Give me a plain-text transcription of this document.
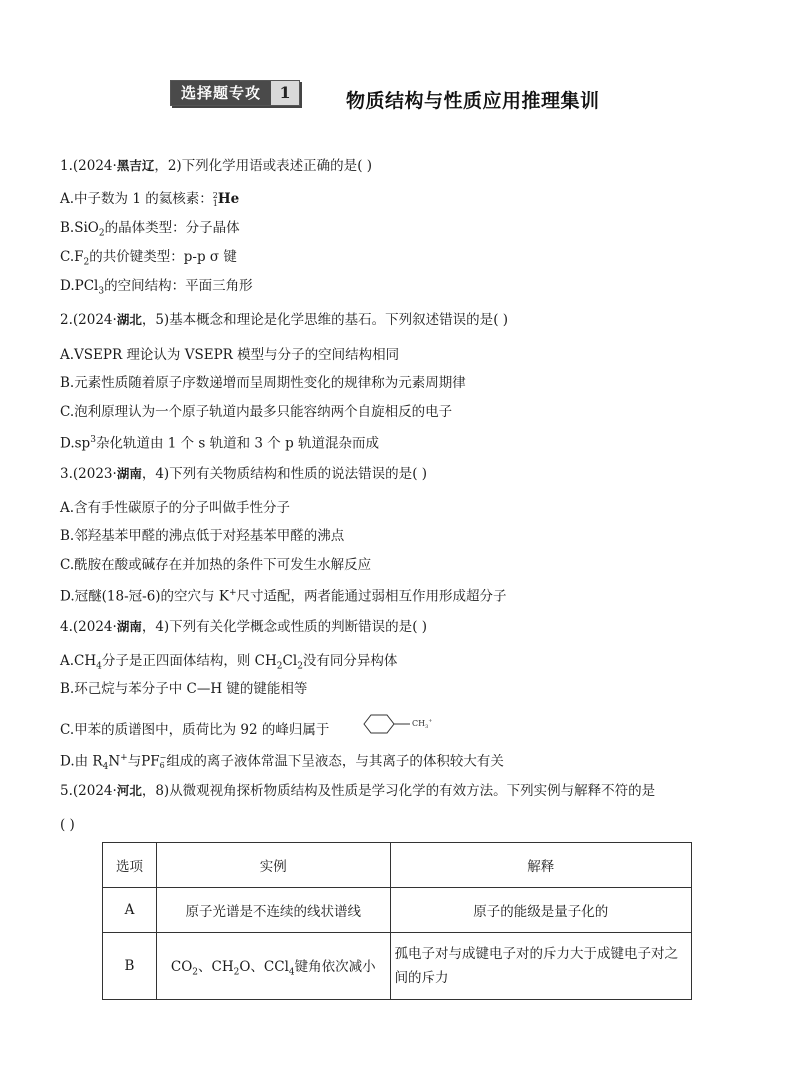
选择题专攻	1	物质结构与性质应用推理集训
1.(2024·黑吉辽，2)下列化学用语或表述正确的是( )
A.中子数为 1 的氦核素：2
1He
B.SiO$_2$的晶体类型：分子晶体
$C.F_2$的共价键类型：p-p σ 键
D.PCl$_3$的空间结构：平面三角形
2.(2024·湖北，5)基本概念和理论是化学思维的基石。下列叙述错误的是( )
A.VSEPR 理论认为 VSEPR 模型与分子的空间结构相同
B.元素性质随着原子序数递增而呈周期性变化的规律称为元素周期律
C.泡利原理认为一个原子轨道内最多只能容纳两个自旋相反的电子
$D.sp^3$杂化轨道由 1 个 s 轨道和 3 个 p 轨道混杂而成
3.(2023·湖南，4)下列有关物质结构和性质的说法错误的是( )
A.含有手性碳原子的分子叫做手性分子
B.邻羟基苯甲醛的沸点低于对羟基苯甲醛的沸点
C.酰胺在酸或碱存在并加热的条件下可发生水解反应
D.冠醚(18-冠-6)的空穴与 K+尺寸适配，两者能通过弱相互作用形成超分子
4.(2024·湖南，4)下列有关化学概念或性质的判断错误的是( )
$A.CH_4$分子是正四面体结构，则 $CH_2Cl_2$没有同分异构体
B.环己烷与苯分子中 C—H 键的键能相等
C.甲苯的质谱图中，质荷比为 92 的峰归属于	$CH_3^+$
D.由 $R_4N^+$与PF−
6 组成的离子液体常温下呈液态，与其离子的体积较大有关
5.(2024·河北，8)从微观视角探析物质结构及性质是学习化学的有效方法。下列实例与解释不符的是
( )
选项	实例	解释
A	原子光谱是不连续的线状谱线	原子的能级是量子化的
B	$CO_2$、$CH_2O$、CCl$_4$键角依次减小	孤电子对与成键电子对的斥力大于成键电子对之间的斥力
